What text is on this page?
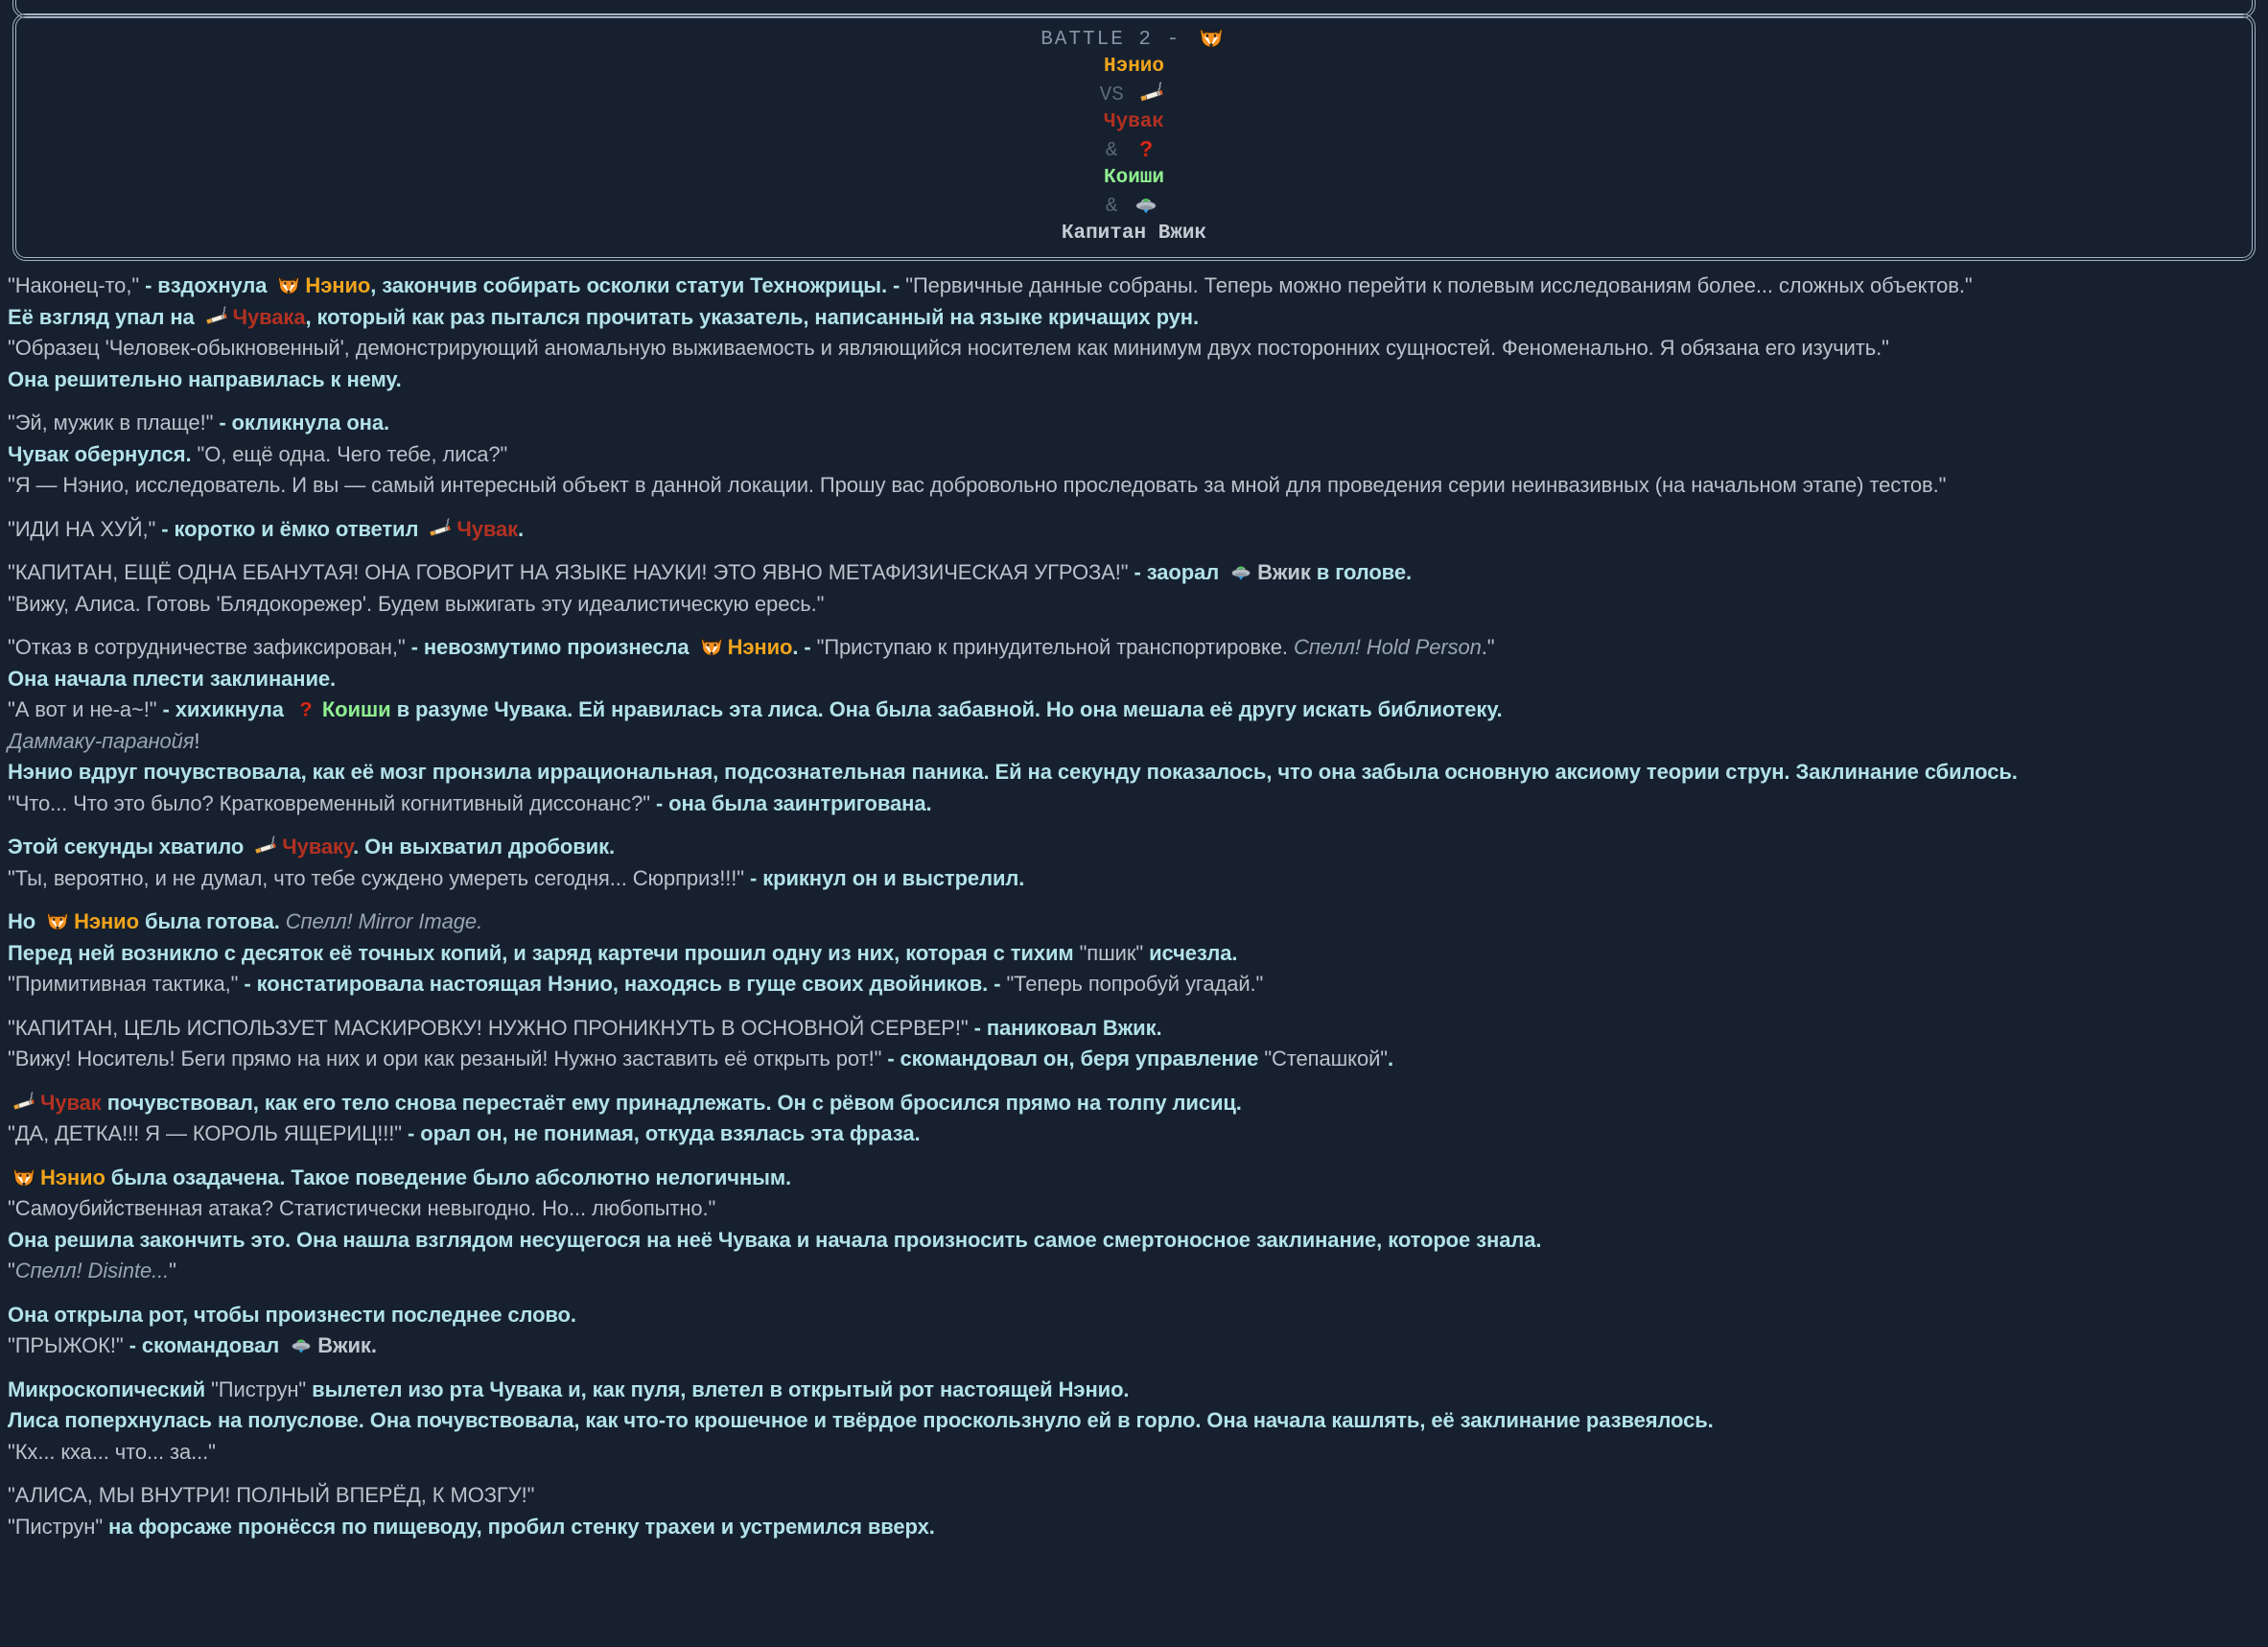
BATTLE 2 -
Нэнио
VS
Чувак
&
Коиши
&
Капитан Вжик
"Наконец-то," - вздохнула Нэнио, закончив собирать осколки статуи Техножрицы. - "Первичные данные собраны. Теперь можно перейти к полевым исследованиям более... сложных объектов."
Её взгляд упал на Чувака, который как раз пытался прочитать указатель, написанный на языке кричащих рун.
"Образец 'Человек-обыкновенный', демонстрирующий аномальную выживаемость и являющийся носителем как минимум двух посторонних сущностей. Феноменально. Я обязана его изучить."
Она решительно направилась к нему.
"Эй, мужик в плаще!" - окликнула она.
Чувак обернулся. "О, ещё одна. Чего тебе, лиса?"
"Я — Нэнио, исследователь. И вы — самый интересный объект в данной локации. Прошу вас добровольно проследовать за мной для проведения серии неинвазивных (на начальном этапе) тестов."
"ИДИ НА ХУЙ," - коротко и ёмко ответил Чувак.
"КАПИТАН, ЕЩЁ ОДНА ЕБАНУТАЯ! ОНА ГОВОРИТ НА ЯЗЫКЕ НАУКИ! ЭТО ЯВНО МЕТАФИЗИЧЕСКАЯ УГРОЗА!" - заорал Вжик в голове.
"Вижу, Алиса. Готовь 'Блядокорежер'. Будем выжигать эту идеалистическую ересь."
"Отказ в сотрудничестве зафиксирован," - невозмутимо произнесла Нэнио. - "Приступаю к принудительной транспортировке. Спелл! Hold Person."
Она начала плести заклинание.
"А вот и не-а~!" - хихикнула Коиши в разуме Чувака. Ей нравилась эта лиса. Она была забавной. Но она мешала её другу искать библиотеку.
Даммаку-паранойя!
Нэнио вдруг почувствовала, как её мозг пронзила иррациональная, подсознательная паника. Ей на секунду показалось, что она забыла основную аксиому теории струн. Заклинание сбилось.
"Что... Что это было? Кратковременный когнитивный диссонанс?" - она была заинтригована.
Этой секунды хватило Чуваку. Он выхватил дробовик.
"Ты, вероятно, и не думал, что тебе суждено умереть сегодня... Сюрприз!!!" - крикнул он и выстрелил.
Но Нэнио была готова. Спелл! Mirror Image.
Перед ней возникло с десяток её точных копий, и заряд картечи прошил одну из них, которая с тихим "пшик" исчезла.
"Примитивная тактика," - констатировала настоящая Нэнио, находясь в гуще своих двойников. - "Теперь попробуй угадай."
"КАПИТАН, ЦЕЛЬ ИСПОЛЬЗУЕТ МАСКИРОВКУ! НУЖНО ПРОНИКНУТЬ В ОСНОВНОЙ СЕРВЕР!" - паниковал Вжик.
"Вижу! Носитель! Беги прямо на них и ори как резаный! Нужно заставить её открыть рот!" - скомандовал он, беря управление "Степашкой".
Чувак почувствовал, как его тело снова перестаёт ему принадлежать. Он с рёвом бросился прямо на толпу лисиц.
"ДА, ДЕТКА!!! Я — КОРОЛЬ ЯЩЕРИЦ!!!" - орал он, не понимая, откуда взялась эта фраза.
Нэнио была озадачена. Такое поведение было абсолютно нелогичным.
"Самоубийственная атака? Статистически невыгодно. Но... любопытно."
Она решила закончить это. Она нашла взглядом несущегося на неё Чувака и начала произносить самое смертоносное заклинание, которое знала.
"Спелл! Disinte..."
Она открыла рот, чтобы произнести последнее слово.
"ПРЫЖОК!" - скомандовал Вжик.
Микроскопический "Пиструн" вылетел изо рта Чувака и, как пуля, влетел в открытый рот настоящей Нэнио.
Лиса поперхнулась на полуслове. Она почувствовала, как что-то крошечное и твёрдое проскользнуло ей в горло. Она начала кашлять, её заклинание развеялось.
"Кх... кха... что... за..."
"АЛИСА, МЫ ВНУТРИ! ПОЛНЫЙ ВПЕРЁД, К МОЗГУ!"
"Пиструн" на форсаже пронёсся по пищеводу, пробил стенку трахеи и устремился вверх.
